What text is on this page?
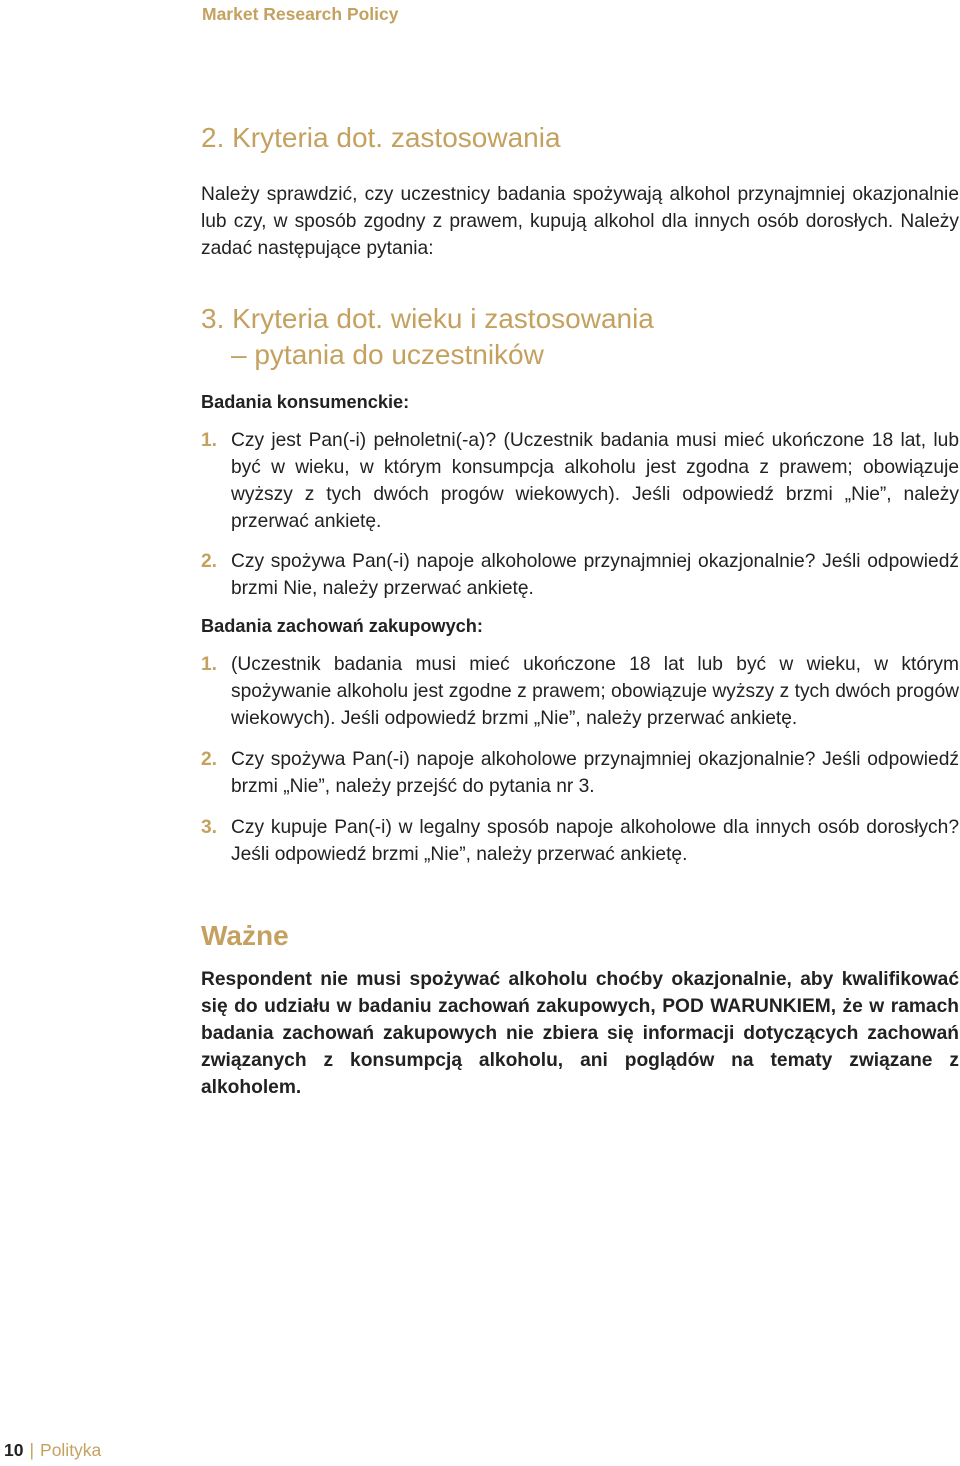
Market Research Policy
2. Kryteria dot. zastosowania

Należy sprawdzić, czy uczestnicy badania spożywają alkohol przynajmniej okazjonalnie lub czy, w sposób zgodny z prawem, kupują alkohol dla innych osób dorosłych. Należy zadać następujące pytania:

3. Kryteria dot. wieku i zastosowania
– pytania do uczestników
Badania konsumenckie:
1. Czy jest Pan(-i) pełnoletni(-a)? (Uczestnik badania musi mieć ukończone 18 lat, lub być w wieku, w którym konsumpcja alkoholu jest zgodna z prawem; obowiązuje wyższy z tych dwóch progów wiekowych). Jeśli odpowiedź brzmi „Nie”, należy przerwać ankietę.
2. Czy spożywa Pan(-i) napoje alkoholowe przynajmniej okazjonalnie? Jeśli odpowiedź brzmi Nie, należy przerwać ankietę.
Badania zachowań zakupowych:
1. (Uczestnik badania musi mieć ukończone 18 lat lub być w wieku, w którym spożywanie alkoholu jest zgodne z prawem; obowiązuje wyższy z tych dwóch progów wiekowych). Jeśli odpowiedź brzmi „Nie”, należy przerwać ankietę.
2. Czy spożywa Pan(-i) napoje alkoholowe przynajmniej okazjonalnie? Jeśli odpowiedź brzmi „Nie”, należy przejść do pytania nr 3.
3. Czy kupuje Pan(-i) w legalny sposób napoje alkoholowe dla innych osób dorosłych? Jeśli odpowiedź brzmi „Nie”, należy przerwać ankietę.
Ważne

Respondent nie musi spożywać alkoholu choćby okazjonalnie, aby kwalifikować się do udziału w badaniu zachowań zakupowych, POD WARUNKIEM, że w ramach badania zachowań zakupowych nie zbiera się informacji dotyczących zachowań związanych z konsumpcją alkoholu, ani poglądów na tematy związane z alkoholem.

10 | Polityka
